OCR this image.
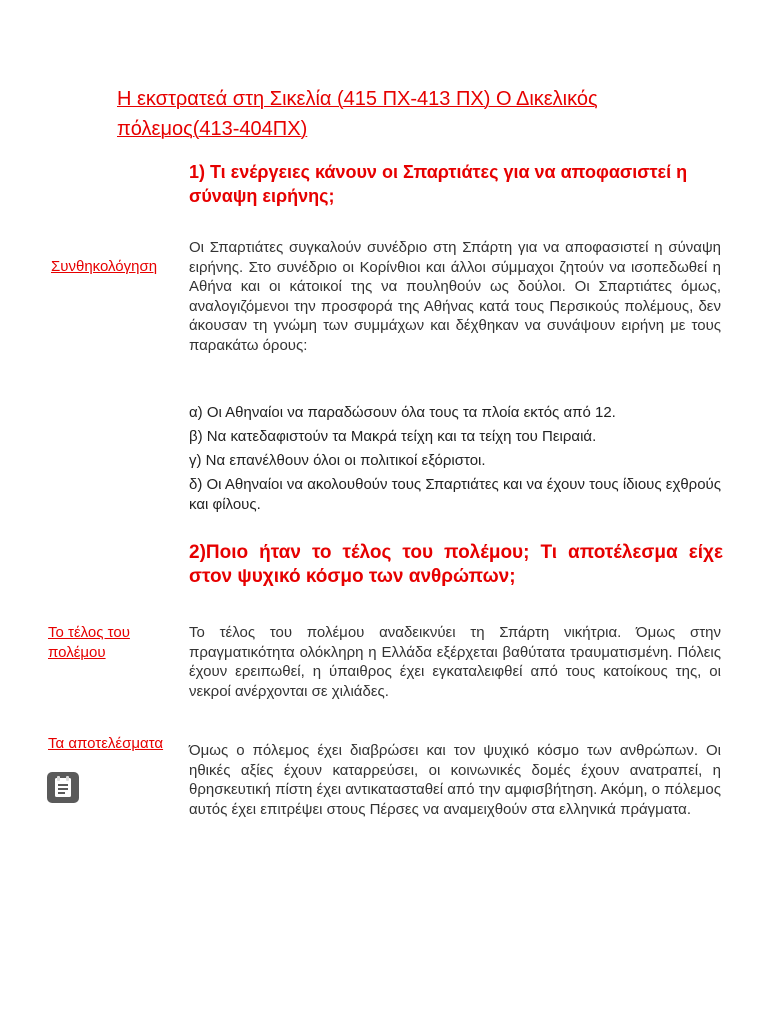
Η εκστρατεά στη Σικελία (415 ΠΧ-413 ΠΧ) Ο Δικελικός πόλεμος(413-404ΠΧ)
1) Τι ενέργειες κάνουν οι Σπαρτιάτες για να αποφασιστεί η σύναψη ειρήνης;
Συνθηκολόγηση

Οι Σπαρτιάτες συγκαλούν συνέδριο στη Σπάρτη για να αποφασιστεί η σύναψη ειρήνης. Στο συνέδριο οι Κορίνθιοι και άλλοι σύμμαχοι ζητούν να ισοπεδωθεί η Αθήνα και οι κάτοικοί της να πουληθούν ως δούλοι. Οι Σπαρτιάτες όμως, αναλογιζόμενοι την προσφορά της Αθήνας κατά τους Περσικούς πολέμους, δεν άκουσαν τη γνώμη των συμμάχων και δέχθηκαν να συνάψουν ειρήνη με τους παρακάτω όρους:

α) Οι Αθηναίοι να παραδώσουν όλα τους τα πλοία εκτός από 12.
β) Να κατεδαφιστούν τα Μακρά τείχη και τα τείχη του Πειραιά.
γ) Να επανέλθουν όλοι οι πολιτικοί εξόριστοι.
δ) Οι Αθηναίοι να ακολουθούν τους Σπαρτιάτες και να έχουν τους ίδιους εχθρούς και φίλους.
2)Ποιο ήταν το τέλος του πολέμου; Τι αποτέλεσμα είχε στον ψυχικό κόσμο των ανθρώπων;
Το τέλος του πολέμου

Το τέλος του πολέμου αναδεικνύει τη Σπάρτη νικήτρια. Όμως στην πραγματικότητα ολόκληρη η Ελλάδα εξέρχεται βαθύτατα τραυματισμένη. Πόλεις έχουν ερειπωθεί, η ύπαιθρος έχει εγκαταλειφθεί από τους κατοίκους της, οι νεκροί ανέρχονται σε χιλιάδες.

Τα αποτελέσματα	Όμως ο πόλεμος έχει διαβρώσει και τον ψυχικό κόσμο των ανθρώπων. Οι ηθικές αξίες έχουν καταρρεύσει, οι κοινωνικές δομές έχουν ανατραπεί, η θρησκευτική πίστη έχει αντικατασταθεί από την αμφισβήτηση. Ακόμη, ο πόλεμος αυτός έχει επιτρέψει στους Πέρσες να αναμειχθούν στα ελληνικά πράγματα.
